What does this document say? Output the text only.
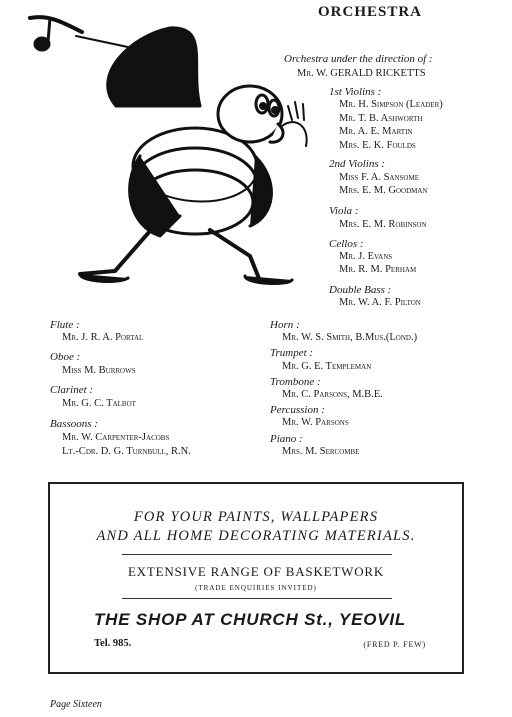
ORCHESTRA
Orchestra under the direction of :
Mr. W. GERALD RICKETTS
1st Violins :
Mr. H. Simpson (Leader)
Mr. T. B. Ashworth
Mr. A. E. Martin
Mrs. E. K. Foulds
2nd Violins :
Miss F. A. Sansome
Mrs. E. M. Goodman
Viola :
Mrs. E. M. Robinson
Cellos :
Mr. J. Evans
Mr. R. M. Perham
Double Bass :
Mr. W. A. F. Pilton
Flute :
Mr. J. R. A. Portal
Oboe :
Miss M. Burrows
Clarinet :
Mr. G. C. Talbot
Bassoons :
Mr. W. Carpenter-Jacobs
Lt.-Cdr. D. G. Turnbull, R.N.
Horn :
Mr. W. S. Smith, B.Mus.(Lond.)
Trumpet :
Mr. G. E. Templeman
Trombone :
Mr. C. Parsons, M.B.E.
Percussion :
Mr. W. Parsons
Piano :
Mrs. M. Sercombe
FOR YOUR PAINTS, WALLPAPERS
AND ALL HOME DECORATING MATERIALS.
EXTENSIVE RANGE OF BASKETWORK
(TRADE ENQUIRIES INVITED)
THE SHOP AT CHURCH St., YEOVIL
Tel. 985.	(FRED P. FEW)
Page Sixteen
